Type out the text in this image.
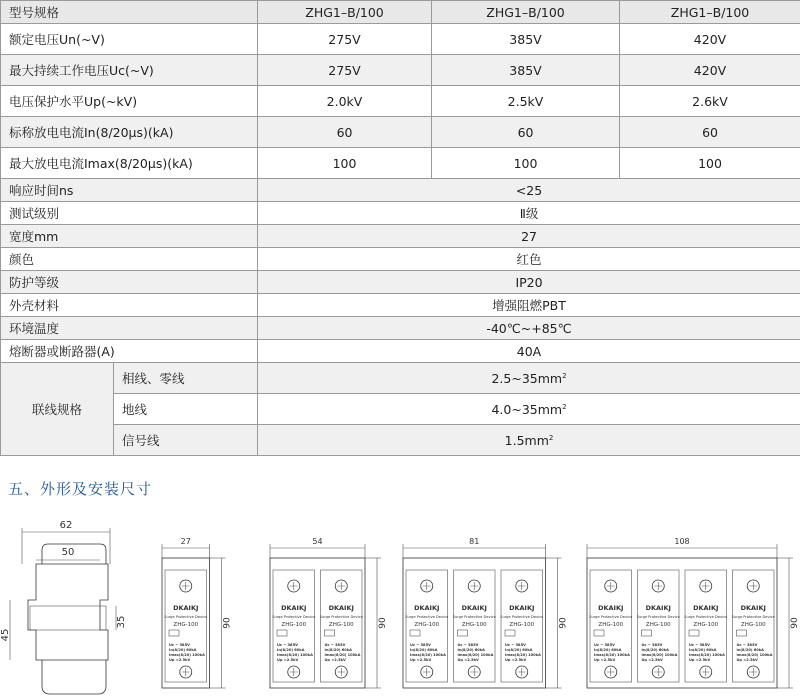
型号规格		ZHG1–B/100	ZHG1–B/100	ZHG1–B/100
额定电压Un(~V)		275V	385V	420V
最大持续工作电压Uc(~V)		275V	385V	420V
电压保护水平Up(~kV)		2.0kV	2.5kV	2.6kV
标称放电电流In(8/20μs)(kA)		60	60	60
最大放电电流Imax(8/20μs)(kA)		100	100	100
响应时间ns		<25		
测试级别		Ⅱ级		
宽度mm		27		
颜色		红色		
防护等级		IP20		
外壳材料		增强阻燃PBT		
环境温度		-40℃~+85℃		
熔断器或断路器(A)		40A		
联线规格	相线、零线	$2.5\sim 35mm^2$
	地线	$4.0\sim 35mm^2$
	信号线	$1.5mm^2$
五、外形及安装尺寸
62
50
45
35
27
DKAIKJ
Surge Protective Device
ZHG-100
Uc ~ 385V
In(8/20) 60kA
Imax(8/20) 100kA
Up <2.5kV
90
54
DKAIKJ
Surge Protective Device
ZHG-100
Uc ~ 385V
In(8/20) 60kA
Imax(8/20) 100kA
Up <2.5kV
DKAIKJ
Surge Protective Device
ZHG-100
Uc ~ 385V
In(8/20) 60kA
Imax(8/20) 100kA
Up <2.5kV
90
81
DKAIKJ
Surge Protective Device
ZHG-100
Uc ~ 385V
In(8/20) 60kA
Imax(8/20) 100kA
Up <2.5kV
DKAIKJ
Surge Protective Device
ZHG-100
Uc ~ 385V
In(8/20) 60kA
Imax(8/20) 100kA
Up <2.5kV
DKAIKJ
Surge Protective Device
ZHG-100
Uc ~ 385V
In(8/20) 60kA
Imax(8/20) 100kA
Up <2.5kV
90
108
DKAIKJ
Surge Protective Device
ZHG-100
Uc ~ 385V
In(8/20) 60kA
Imax(8/20) 100kA
Up <2.5kV
DKAIKJ
Surge Protective Device
ZHG-100
Uc ~ 385V
In(8/20) 60kA
Imax(8/20) 100kA
Up <2.5kV
DKAIKJ
Surge Protective Device
ZHG-100
Uc ~ 385V
In(8/20) 60kA
Imax(8/20) 100kA
Up <2.5kV
DKAIKJ
Surge Protective Device
ZHG-100
Uc ~ 385V
In(8/20) 60kA
Imax(8/20) 100kA
Up <2.5kV
90
